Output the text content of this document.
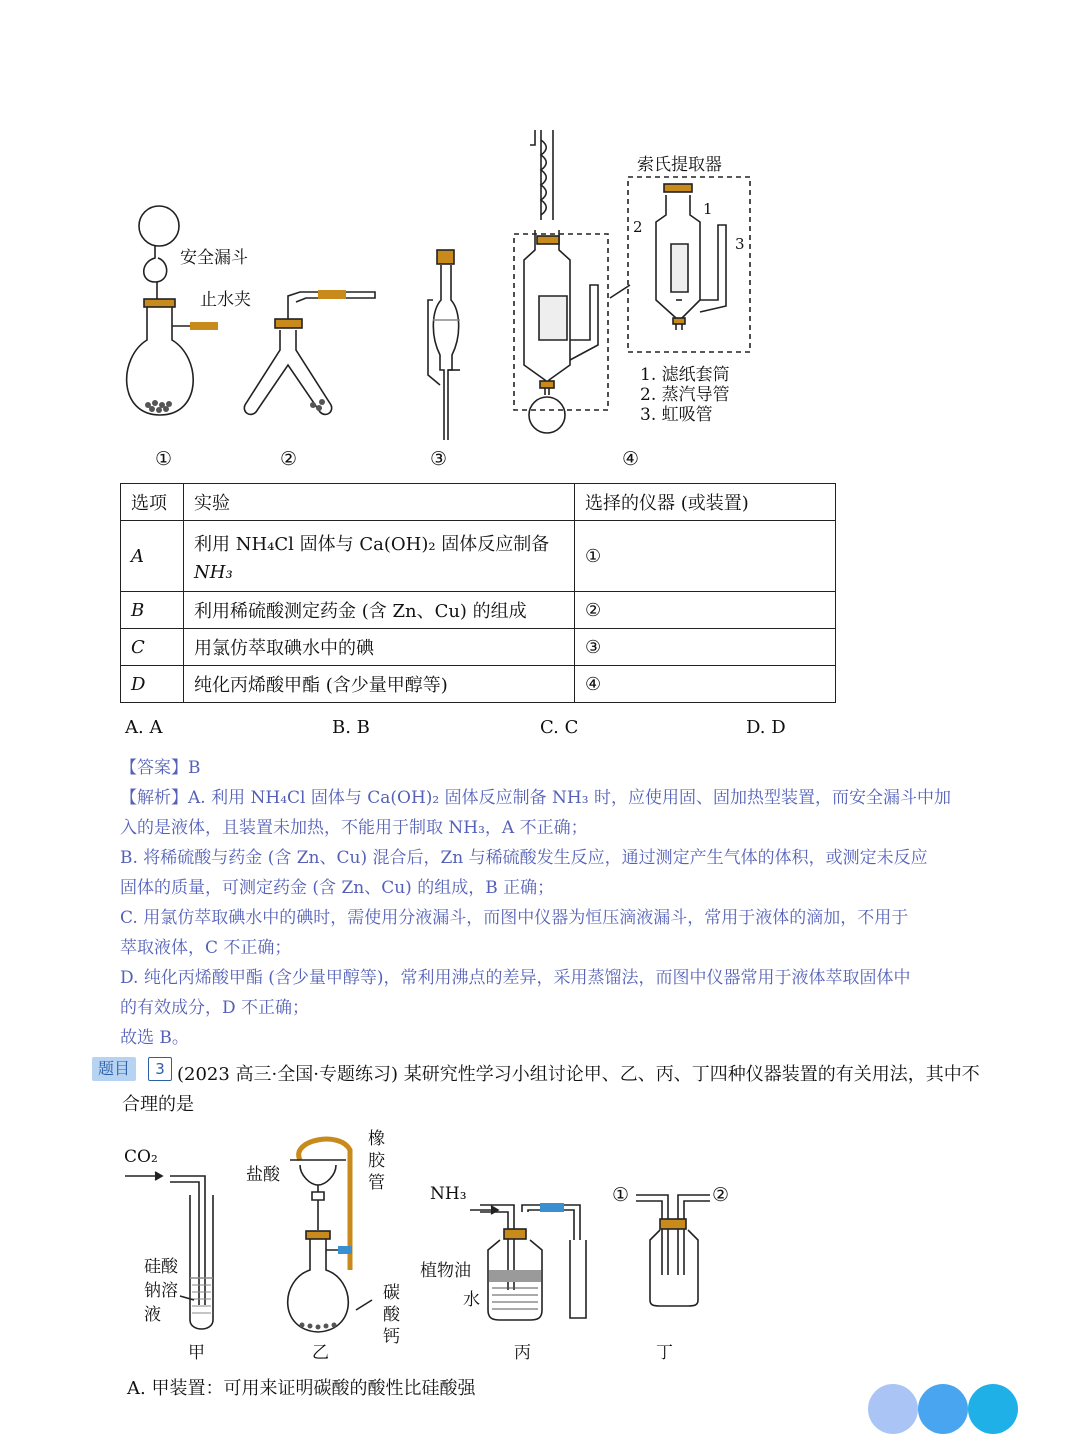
安全漏斗
止水夹
索氏提取器
1
2
3
1. 滤纸套筒
2. 蒸汽导管
3. 虹吸管
①	②	③	④
选项	实验	选择的仪器 (或装置)
A	利用 NH₄Cl 固体与 Ca(OH)₂ 固体反应制备
NH₃	①
B	利用稀硫酸测定药金 (含 Zn、Cu) 的组成	②
C	用氯仿萃取碘水中的碘	③
D	纯化丙烯酸甲酯 (含少量甲醇等)	④
A. A	B. B	C. C	D. D
【答案】B
【解析】A. 利用 NH₄Cl 固体与 Ca(OH)₂ 固体反应制备 NH₃ 时，应使用固、固加热型装置，而安全漏斗中加
入的是液体，且装置未加热，不能用于制取 NH₃，A 不正确；
B. 将稀硫酸与药金 (含 Zn、Cu) 混合后，Zn 与稀硫酸发生反应，通过测定产生气体的体积，或测定未反应
固体的质量，可测定药金 (含 Zn、Cu) 的组成，B 正确；
C. 用氯仿萃取碘水中的碘时，需使用分液漏斗，而图中仪器为恒压滴液漏斗，常用于液体的滴加，不用于
萃取液体，C 不正确；
D. 纯化丙烯酸甲酯 (含少量甲醇等)，常利用沸点的差异，采用蒸馏法，而图中仪器常用于液体萃取固体中
的有效成分，D 不正确；
故选 B。
题目	3 (2023 高三·全国·专题练习) 某研究性学习小组讨论甲、乙、丙、丁四种仪器装置的有关用法，其中不
合理的是
CO₂
硅酸
钠溶
液
盐酸
橡
胶
管
碳
酸
钙
NH₃
植物油
水
①	②
甲	乙	丙	丁
A. 甲装置：可用来证明碳酸的酸性比硅酸强
